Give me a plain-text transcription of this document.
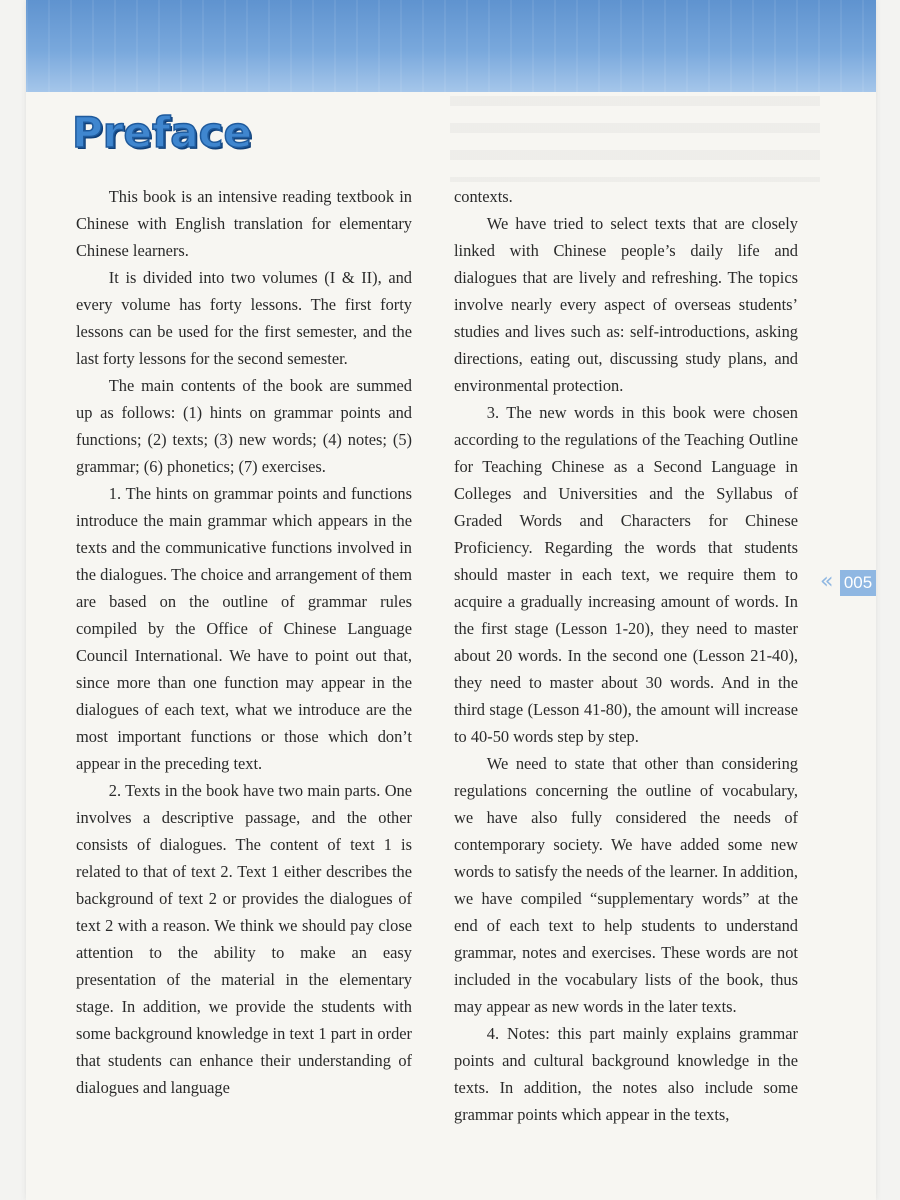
Preface

This book is an intensive reading textbook in Chinese with English translation for elementary Chinese learners.

It is divided into two volumes (I & II), and every volume has forty lessons. The first forty lessons can be used for the first semester, and the last forty lessons for the second semester.

The main contents of the book are summed up as follows: (1) hints on grammar points and functions; (2) texts; (3) new words; (4) notes; (5) grammar; (6) phonetics; (7) exercises.

1. The hints on grammar points and functions introduce the main grammar which appears in the texts and the communicative functions involved in the dialogues. The choice and arrangement of them are based on the outline of grammar rules compiled by the Office of Chinese Language Council International. We have to point out that, since more than one function may appear in the dialogues of each text, what we introduce are the most important functions or those which don’t appear in the preceding text.

2. Texts in the book have two main parts. One involves a descriptive passage, and the other consists of dialogues. The content of text 1 is related to that of text 2. Text 1 either describes the background of text 2 or provides the dialogues of text 2 with a reason. We think we should pay close attention to the ability to make an easy presentation of the material in the elementary stage. In addition, we provide the students with some background knowledge in text 1 part in order that students can enhance their understanding of dialogues and language

contexts.

We have tried to select texts that are closely linked with Chinese people’s daily life and dialogues that are lively and refreshing. The topics involve nearly every aspect of overseas students’ studies and lives such as: self-introductions, asking directions, eating out, discussing study plans, and environmental protection.

3. The new words in this book were chosen according to the regulations of the Teaching Outline for Teaching Chinese as a Second Language in Colleges and Universities and the Syllabus of Graded Words and Characters for Chinese Proficiency. Regarding the words that students should master in each text, we require them to acquire a gradually increasing amount of words. In the first stage (Lesson 1-20), they need to master about 20 words. In the second one (Lesson 21-40), they need to master about 30 words. And in the third stage (Lesson 41-80), the amount will increase to 40-50 words step by step.

We need to state that other than considering regulations concerning the outline of vocabulary, we have also fully considered the needs of contemporary society. We have added some new words to satisfy the needs of the learner. In addition, we have compiled “supplementary words” at the end of each text to help students to understand grammar, notes and exercises. These words are not included in the vocabulary lists of the book, thus may appear as new words in the later texts.

4. Notes: this part mainly explains grammar points and cultural background knowledge in the texts. In addition, the notes also include some grammar points which appear in the texts,

« 005
